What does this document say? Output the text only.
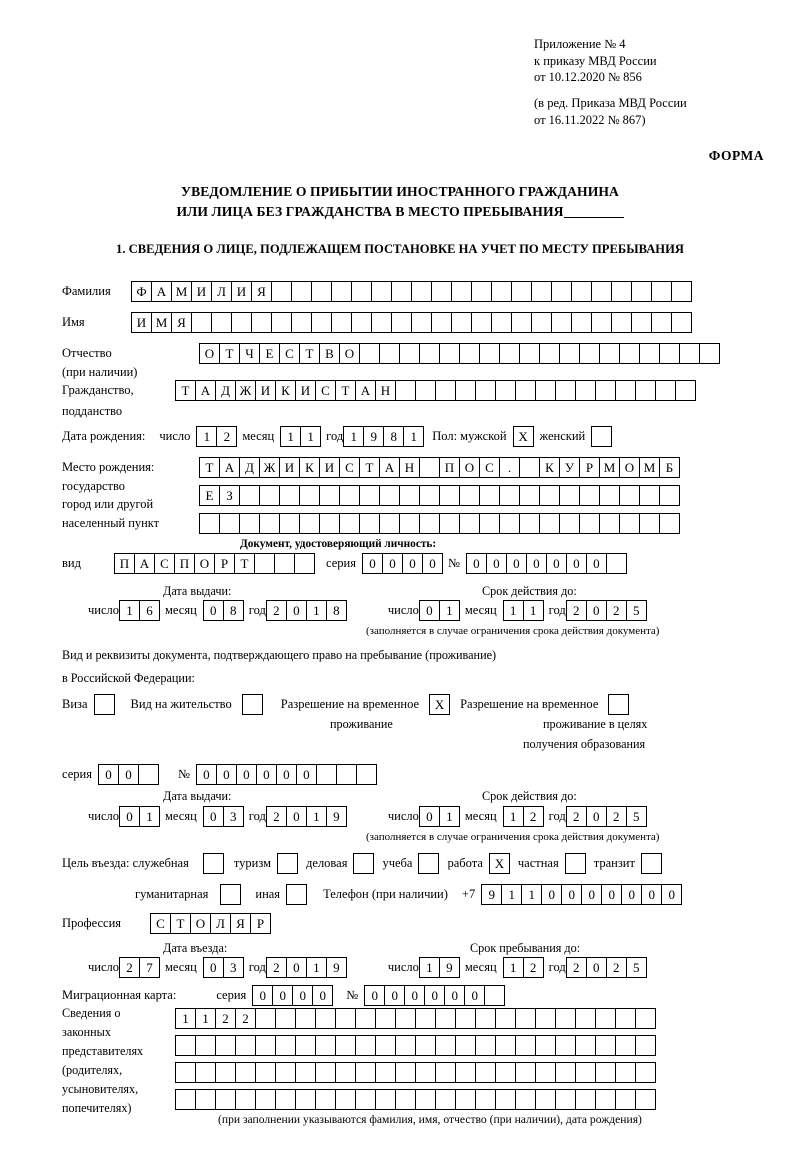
Приложение № 4
к приказу МВД России
от 10.12.2020 № 856
(в ред. Приказа МВД России
от 16.11.2022 № 867)
ФОРМА
УВЕДОМЛЕНИЕ О ПРИБЫТИИ ИНОСТРАННОГО ГРАЖДАНИНА
ИЛИ ЛИЦА БЕЗ ГРАЖДАНСТВА В МЕСТО ПРЕБЫВАНИЯ
1. СВЕДЕНИЯ О ЛИЦЕ, ПОДЛЕЖАЩЕМ ПОСТАНОВКЕ НА УЧЕТ ПО МЕСТУ ПРЕБЫВАНИЯ
Фамилия	Ф А М И Л И Я
Имя	И М Я
Отчество	О Т Ч Е С Т В О
(при наличии)
Гражданство,	Т А Д Ж И К И С Т А Н
подданство
Дата рождения: число	1	2 месяц	1	1 год 1	9	8	1	Пол: мужской X женский
Место рождения:	Т А Д Ж И К И С Т А Н	П О С	.	К У Р М О М Б
государство
Е З
город или другой
населенный пункт
Документ, удостоверяющий личность:
вид	П А С П О Р Т	серия	0	0	0	0 №	0	0	0	0	0	0	0
Дата выдачи:	Срок действия до:
число 1	6 месяц	0	8 год 2	0	1	8	число 0	1 месяц	1	1 год 2	0	2	5
(заполняется в случае ограничения срока действия документа)
Вид и реквизиты документа, подтверждающего право на пребывание (проживание)
в Российской Федерации:
Виза	Вид на жительство	Разрешение на временное	X	Разрешение на временное
проживание	проживание в целях
получения образования
серия	0	0	№	0	0	0	0	0	0
Дата выдачи:	Срок действия до:
число 0	1 месяц	0	3 год 2	0	1	9	число 0	1 месяц	1	2 год 2	0	2	5
(заполняется в случае ограничения срока действия документа)
Цель въезда: служебная	туризм	деловая	учеба	работа X	частная	транзит
гуманитарная	иная	Телефон (при наличии) +7	9	1	1	0	0	0	0	0	0	0
Профессия	С Т О Л Я Р
Дата въезда:	Срок пребывания до:
число 2	7 месяц	0	3 год 2	0	1	9	число 1	9 месяц	1	2 год 2	0	2	5
Миграционная карта:	серия	0	0	0	0	№	0	0	0	0	0	0
Сведения о
законных
представителях
(родителях,
усыновителях,
попечителях)
1	1	2	2
(при заполнении указываются фамилия, имя, отчество (при наличии), дата рождения)
